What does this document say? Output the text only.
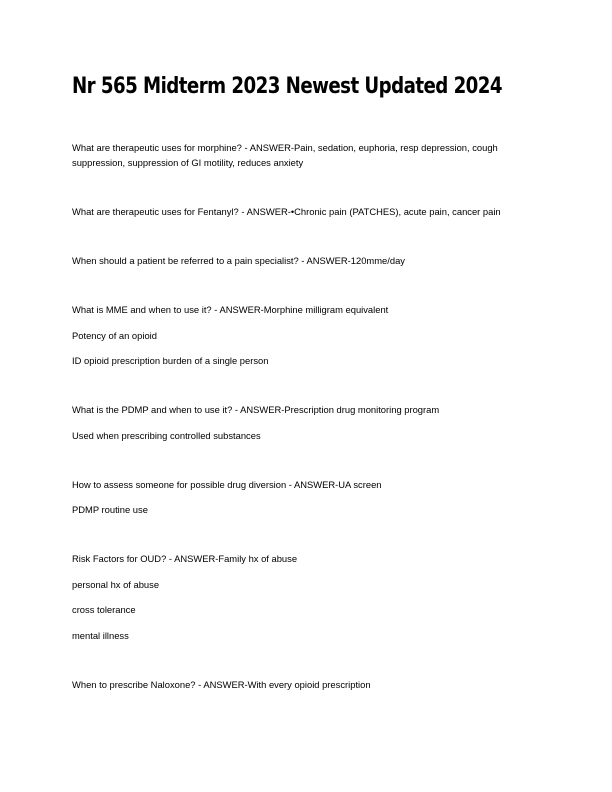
Nr 565 Midterm 2023 Newest Updated 2024

What are therapeutic uses for morphine? - ANSWER-Pain, sedation, euphoria, resp depression, cough suppression, suppression of GI motility, reduces anxiety

What are therapeutic uses for Fentanyl? - ANSWER-•Chronic pain (PATCHES), acute pain, cancer pain

When should a patient be referred to a pain specialist? - ANSWER-120mme/day

What is MME and when to use it? - ANSWER-Morphine milligram equivalent

Potency of an opioid

ID opioid prescription burden of a single person

What is the PDMP and when to use it? - ANSWER-Prescription drug monitoring program

Used when prescribing controlled substances

How to assess someone for possible drug diversion - ANSWER-UA screen

PDMP routine use

Risk Factors for OUD? - ANSWER-Family hx of abuse

personal hx of abuse

cross tolerance

mental illness

When to prescribe Naloxone? - ANSWER-With every opioid prescription
